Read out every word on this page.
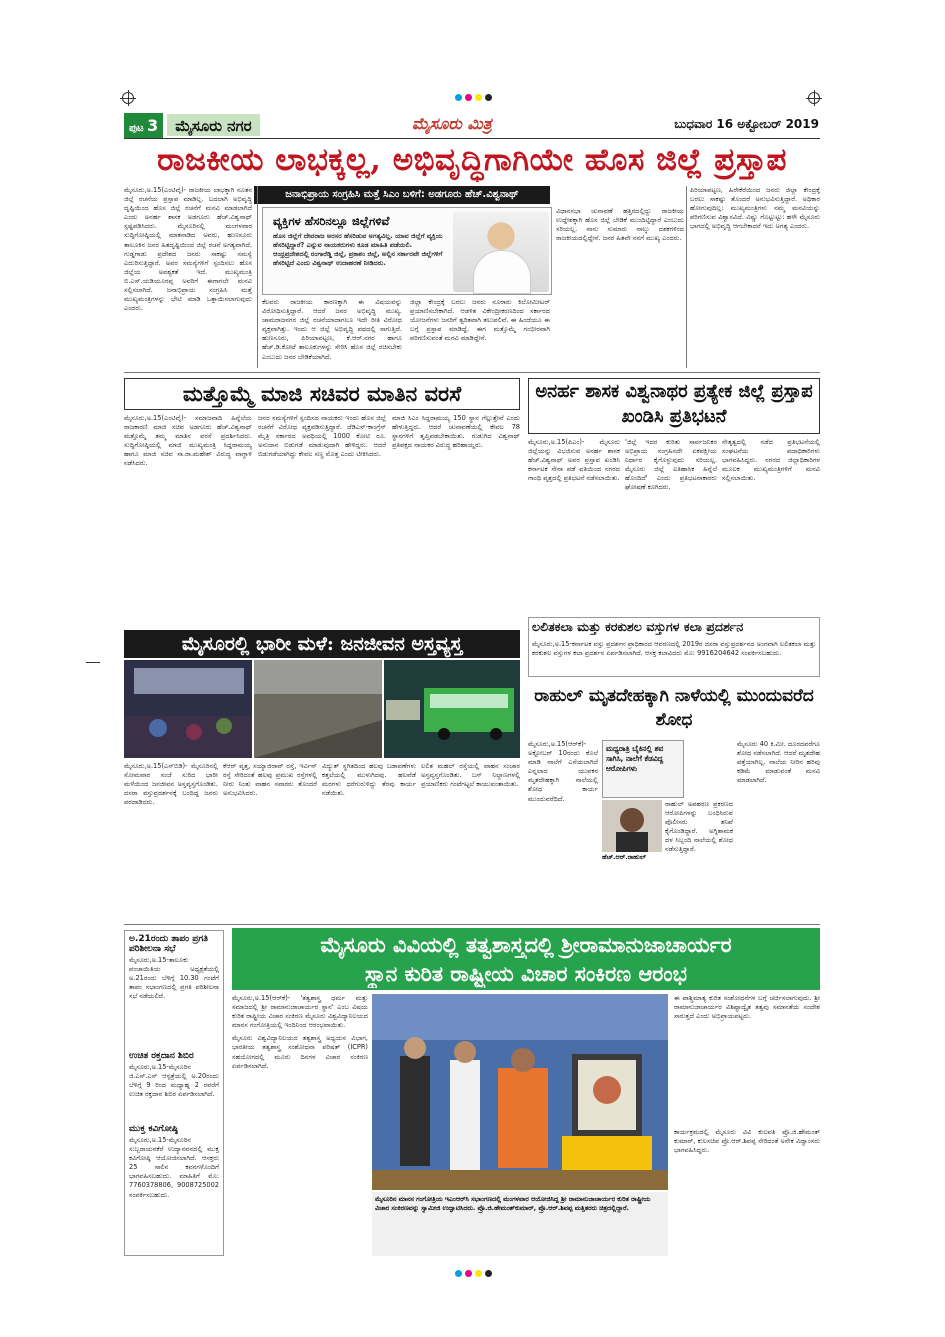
ಪುಟ 3	ಮೈಸೂರು ನಗರ	ಮೈಸೂರು ಮಿತ್ರ	ಬುಧವಾರ 16 ಅಕ್ಟೋಬರ್ 2019
ರಾಜಕೀಯ ಲಾಭಕ್ಕಲ್ಲ, ಅಭಿವೃದ್ಧಿಗಾಗಿಯೇ ಹೊಸ ಜಿಲ್ಲೆ ಪ್ರಸ್ತಾಪ
ಮೈಸೂರು,ಅ.15(ಎಂಟಿವೈ)- ರಾಜಕೀಯ ಲಾಭಕ್ಕಾಗಿ ನೂತನ ಜಿಲ್ಲೆ ರಚನೆಯ ಪ್ರಸ್ತಾಪ ಮಾಡಿಲ್ಲ. ಬದಲಾಗಿ ಅಭಿವೃದ್ಧಿ ದೃಷ್ಟಿಯಿಂದ ಹೊಸ ಜಿಲ್ಲೆ ರಚನೆಗೆ ಮನವಿ ಮಾಡಲಾಗಿದೆ ಎಂದು ಅನರ್ಹ ಶಾಸಕ ಅಡಗೂರು ಹೆಚ್.ವಿಶ್ವನಾಥ್ ಸ್ಪಷ್ಟಪಡಿಸಿದರು. ಮೈಸೂರಿನಲ್ಲಿ ಮಂಗಳವಾರ ಸುದ್ದಿಗೋಷ್ಠಿಯಲ್ಲಿ ಮಾತನಾಡಿದ ಅವರು, ಹುಣಸೂರು ತಾಲೂಕಿನ ಜನರ ಹಿತದೃಷ್ಟಿಯಿಂದ ಜಿಲ್ಲೆ ರಚನೆ ಅಗತ್ಯವಾಗಿದೆ. ಗುಡ್ಡಗಾಡು ಪ್ರದೇಶದ ಜನರು ಸಾಕಷ್ಟು ಸಮಸ್ಯೆ ಎದುರಿಸುತ್ತಿದ್ದಾರೆ. ಅವರ ಸಮಸ್ಯೆಗಳಿಗೆ ಸ್ಪಂದಿಸಲು ಹೊಸ ಜಿಲ್ಲೆಯ ಅವಶ್ಯಕತೆ ಇದೆ. ಮುಖ್ಯಮಂತ್ರಿ ಬಿ.ಎಸ್.ಯಡಿಯೂರಪ್ಪ ಅವರಿಗೆ ಈಗಾಗಲೇ ಮನವಿ ಸಲ್ಲಿಸಲಾಗಿದೆ. ಜನಾಭಿಪ್ರಾಯ ಸಂಗ್ರಹಿಸಿ ಮತ್ತೆ ಮುಖ್ಯಮಂತ್ರಿಗಳನ್ನು ಭೇಟಿ ಮಾಡಿ ಒತ್ತಾಯಿಸಲಾಗುವುದು ಎಂದರು.
ಜನಾಭಿಪ್ರಾಯ ಸಂಗ್ರಹಿಸಿ ಮತ್ತೆ ಸಿಎಂ ಬಳಿಗೆ: ಅಡಗೂರು ಹೆಚ್.ವಿಶ್ವನಾಥ್
ವ್ಯಕ್ತಿಗಳ ಹೆಸರಿನಲ್ಲೂ ಜಿಲ್ಲೆಗಳಿವೆ
ಹೊಸ ಜಿಲ್ಲೆಗೆ ದೇವರಾಜ ಅರಸರ ಹೆಸರಿಡುವ ಅಗತ್ಯವಿಲ್ಲ. ಯಾವ ಜಿಲ್ಲೆಗೆ ವ್ಯಕ್ತಿಯ ಹೆಸರಿಟ್ಟಿದ್ದಾರೆ? ಎನ್ನುವ ನಾಯಕರುಗಳು ಕೂಡ ಮಾಹಿತಿ ಪಡೆಯಲಿ. ಆಂಧ್ರಪ್ರದೇಶದಲ್ಲಿ ರಂಗಾರೆಡ್ಡಿ ಜಿಲ್ಲೆ, ಪ್ರಕಾಶಂ ಜಿಲ್ಲೆ, ಅಲ್ಲಿನ ಸರ್ಕಾರವೇ ಜಿಲ್ಲೆಗಳಿಗೆ ಹೆಸರಿಟ್ಟಿದೆ ಎಂದು ವಿಶ್ವನಾಥ್ ಉದಾಹರಣೆ ನೀಡಿದರು.
ಕೆಲವರು ರಾಜಕೀಯ ಕಾರಣಕ್ಕಾಗಿ ಈ ವಿಷಯವನ್ನು ವಿರೋಧಿಸುತ್ತಿದ್ದಾರೆ. ಆದರೆ ಜನರ ಅಭಿವೃದ್ಧಿ ಮುಖ್ಯ. ಚಾಮರಾಜನಗರ ಜಿಲ್ಲೆ ರಚನೆಯಾದಾಗಲೂ ಇದೇ ರೀತಿ ವಿರೋಧ ವ್ಯಕ್ತವಾಗಿತ್ತು. ಇಂದು ಆ ಜಿಲ್ಲೆ ಅಭಿವೃದ್ಧಿ ಪಥದಲ್ಲಿ ಸಾಗುತ್ತಿದೆ. ಹುಣಸೂರು, ಪಿರಿಯಾಪಟ್ಟಣ, ಕೆ.ಆರ್.ನಗರ ಹಾಗೂ ಹೆಚ್.ಡಿ.ಕೋಟೆ ತಾಲೂಕುಗಳನ್ನು ಸೇರಿಸಿ ಹೊಸ ಜಿಲ್ಲೆ ರಚಿಸಬೇಕು ಎಂಬುದು ಜನರ ಬೇಡಿಕೆಯಾಗಿದೆ.
ಜಿಲ್ಲಾ ಕೇಂದ್ರಕ್ಕೆ ಬರಲು ಜನರು ನೂರಾರು ಕಿಲೋಮೀಟರ್ ಪ್ರಯಾಣಿಸಬೇಕಾಗಿದೆ. ಆಡಳಿತ ವಿಕೇಂದ್ರೀಕರಣದಿಂದ ಸರ್ಕಾರದ ಯೋಜನೆಗಳು ಜನರಿಗೆ ತ್ವರಿತವಾಗಿ ತಲುಪಲಿವೆ. ಈ ಹಿಂದೆಯೂ ಈ ಬಗ್ಗೆ ಪ್ರಸ್ತಾಪ ಮಾಡಿದ್ದೆ. ಈಗ ಮತ್ತೊಮ್ಮೆ ಗಂಭೀರವಾಗಿ ಪರಿಗಣಿಸುವಂತೆ ಮನವಿ ಮಾಡಿದ್ದೇನೆ.
ವಿಧಾನಸಭಾ ಚುನಾವಣೆ ಹತ್ತಿರದಲ್ಲಿದ್ದು ರಾಜಕೀಯ ಉದ್ದೇಶಕ್ಕಾಗಿ ಹೊಸ ಜಿಲ್ಲೆ ಬೇಡಿಕೆ ಮುಂದಿಟ್ಟಿದ್ದಾರೆ ಎಂಬುದು ಸರಿಯಲ್ಲ. ನಾನು ಸುಮಾರು ನಾಲ್ಕು ದಶಕಗಳಿಂದ ರಾಜಕೀಯದಲ್ಲಿದ್ದೇನೆ. ಜನರ ಹಿತವೇ ನನಗೆ ಮುಖ್ಯ ಎಂದರು.
ಪಿರಿಯಾಪಟ್ಟಣ, ಹಿರೇಕೆರೆಯಿಂದ ಜನರು ಜಿಲ್ಲಾ ಕೇಂದ್ರಕ್ಕೆ ಬರಲು ಸಾಕಷ್ಟು ತೊಂದರೆ ಅನುಭವಿಸುತ್ತಿದ್ದಾರೆ. ಅಧಿಕಾರ ಹೋಗುವುದಿಲ್ಲ: ಮುಖ್ಯಮಂತ್ರಿಗಳು ನಮ್ಮ ಮನವಿಯನ್ನು ಪರಿಗಣಿಸುವ ವಿಶ್ವಾಸವಿದೆ. ವಿಷ್ಣು ಗೊಟ್ಟುಟ್ಟು: ಹಳೇ ಮೈಸೂರು ಭಾಗದಲ್ಲಿ ಅಭಿವೃದ್ಧಿ ಆಗಬೇಕಾದರೆ ಇದು ಅಗತ್ಯ ಎಂದರು.
ಮತ್ತೊಮ್ಮೆ ಮಾಜಿ ಸಚಿವರ ಮಾತಿನ ವರಸೆ
ಮೈಸೂರು,ಅ.15(ಎಂಟಿವೈ)- ಸಮಾಜವಾದಿ ಹಿನ್ನೆಲೆಯ ರಾಜಕಾರಣಿ ಮಾಜಿ ಸಚಿವ ಅಡಗೂರು ಹೆಚ್.ವಿಶ್ವನಾಥ್ ಮತ್ತೊಮ್ಮೆ ತಮ್ಮ ಮಾತಿನ ವರಸೆ ಪ್ರದರ್ಶಿಸಿದರು. ಸುದ್ದಿಗೋಷ್ಠಿಯಲ್ಲಿ ಮಾಜಿ ಮುಖ್ಯಮಂತ್ರಿ ಸಿದ್ದರಾಮಯ್ಯ ಹಾಗೂ ಮಾಜಿ ಸಚಿವ ಸಾ.ರಾ.ಮಹೇಶ್ ವಿರುದ್ಧ ವಾಗ್ದಾಳಿ ನಡೆಸಿದರು.
ಜನರ ಸಮಸ್ಯೆಗಳಿಗೆ ಸ್ಪಂದಿಸದ ನಾಯಕರು ಇಂದು ಹೊಸ ಜಿಲ್ಲೆ ರಚನೆಗೆ ವಿರೋಧ ವ್ಯಕ್ತಪಡಿಸುತ್ತಿದ್ದಾರೆ. ಜೆಡಿಎಸ್-ಕಾಂಗ್ರೆಸ್ ಮೈತ್ರಿ ಸರ್ಕಾರದ ಅವಧಿಯಲ್ಲಿ 1000 ಕೋಟಿ ರೂ. ಅನುದಾನ ಬಿಡುಗಡೆ ಮಾಡುವುದಾಗಿ ಹೇಳಿದ್ದರು. ಆದರೆ ಬಿಡುಗಡೆಯಾಗಿದ್ದು ಕೇವಲ ಸಣ್ಣ ಮೊತ್ತ ಎಂದು ಟೀಕಿಸಿದರು.
ಮಾಜಿ ಸಿಎಂ ಸಿದ್ದರಾಮಯ್ಯ 150 ಸ್ಥಾನ ಗೆಲ್ಲುತ್ತೇವೆ ಎಂದು ಹೇಳುತ್ತಿದ್ದರು. ಆದರೆ ಚುನಾವಣೆಯಲ್ಲಿ ಕೇವಲ 78 ಸ್ಥಾನಗಳಿಗೆ ತೃಪ್ತಿಪಡಬೇಕಾಯಿತು. ಗುಡುಗಿದ ವಿಶ್ವನಾಥ್ ಪ್ರತಿಪಕ್ಷದ ನಾಯಕರ ವಿರುದ್ಧ ಹರಿಹಾಯ್ದರು.
ಅನರ್ಹ ಶಾಸಕ ವಿಶ್ವನಾಥರ ಪ್ರತ್ಯೇಕ ಜಿಲ್ಲೆ ಪ್ರಸ್ತಾಪ ಖಂಡಿಸಿ ಪ್ರತಿಭಟನೆ
ಮೈಸೂರು,ಅ.15(ಪಿಎಂ)- ಮೈಸೂರು ಜಿಲ್ಲೆಯನ್ನು ವಿಭಜಿಸುವ ಅನರ್ಹ ಶಾಸಕ ಹೆಚ್.ವಿಶ್ವನಾಥ್ ಅವರ ಪ್ರಸ್ತಾಪ ಖಂಡಿಸಿ ಕರ್ನಾಟಕ ಸೇನಾ ಪಡೆ ವತಿಯಿಂದ ನಗರದ ಗಾಂಧಿ ವೃತ್ತದಲ್ಲಿ ಪ್ರತಿಭಟನೆ ನಡೆಸಲಾಯಿತು.
'ಜಿಲ್ಲೆ ಇದರ ಕುರಿತು ಸಾರ್ವಜನಿಕರ ಅಭಿಪ್ರಾಯ ಸಂಗ್ರಹಿಸದೇ ಏಕಪಕ್ಷೀಯ ನಿರ್ಧಾರ ಕೈಗೊಳ್ಳುವುದು ಸರಿಯಲ್ಲ. ಮೈಸೂರು ಜಿಲ್ಲೆ ಐತಿಹಾಸಿಕ ಹಿನ್ನೆಲೆ ಹೊಂದಿದೆ' ಎಂದು ಪ್ರತಿಭಟನಾಕಾರರು ಘೋಷಣೆ ಕೂಗಿದರು.
ನೇತೃತ್ವದಲ್ಲಿ ನಡೆದ ಪ್ರತಿಭಟನೆಯಲ್ಲಿ ಸಂಘಟನೆಯ ಪದಾಧಿಕಾರಿಗಳು ಭಾಗವಹಿಸಿದ್ದರು. ನಗರದ ಜಿಲ್ಲಾಧಿಕಾರಿಗಳ ಮೂಲಕ ಮುಖ್ಯಮಂತ್ರಿಗಳಿಗೆ ಮನವಿ ಸಲ್ಲಿಸಲಾಯಿತು.
ಲಲಿತಕಲಾ ಮತ್ತು ಕರಕುಶಲ ವಸ್ತುಗಳ ಕಲಾ ಪ್ರದರ್ಶನ
ಮೈಸೂರು,ಅ.15-ಕರ್ನಾಟಕ ವಸ್ತು ಪ್ರದರ್ಶನ ಪ್ರಾಧಿಕಾರದ ಆವರಣದಲ್ಲಿ 2019ರ ದಸರಾ ವಸ್ತುಪ್ರದರ್ಶನದ ಅಂಗವಾಗಿ ಲಲಿತಕಲಾ ಮತ್ತು ಕರಕುಶಲ ವಸ್ತುಗಳ ಕಲಾ ಪ್ರದರ್ಶನ ಏರ್ಪಡಿಸಲಾಗಿದೆ. ಆಸಕ್ತ ಕಲಾವಿದರು ಮೊ: 9916204642 ಸಂಪರ್ಕಿಸಬಹುದು.
ಮೈಸೂರಲ್ಲಿ ಭಾರೀ ಮಳೆ: ಜನಜೀವನ ಅಸ್ತವ್ಯಸ್ತ
ಮೈಸೂರು,ಅ.15(ಎಸ್‌ಬಿಡಿ)- ಮೈಸೂರಿನಲ್ಲಿ ಸೋಮವಾರ ಸಂಜೆ ಸುರಿದ ಭಾರೀ ಮಳೆಯಿಂದ ಜನಜೀವನ ಅಸ್ತವ್ಯಸ್ತಗೊಂಡಿತು. ದಸರಾ ವಸ್ತುಪ್ರದರ್ಶನಕ್ಕೆ ಬಂದಿದ್ದ ಜನರು ಪರದಾಡಿದರು.
ಕೆಆರ್ ವೃತ್ತ, ಸಯ್ಯಾಜಿರಾವ್ ರಸ್ತೆ, ಇರ್ವಿನ್ ರಸ್ತೆ ಸೇರಿದಂತೆ ಹಲವು ಪ್ರಮುಖ ರಸ್ತೆಗಳಲ್ಲಿ ನೀರು ನಿಂತು ವಾಹನ ಸವಾರರು ತೊಂದರೆ ಅನುಭವಿಸಿದರು.
ವಿದ್ಯುತ್ ಸ್ಥಗಿತದಿಂದ ಹಲವು ಬಡಾವಣೆಗಳು ಕತ್ತಲೆಯಲ್ಲಿ ಮುಳುಗಿದವು. ಹಲವೆಡೆ ಮರಗಳು ಧರೆಗುರುಳಿದ್ದು ತೆರವು ಕಾರ್ಯ ನಡೆಯಿತು.
ಲಲಿತ ಮಹಲ್ ರಸ್ತೆಯಲ್ಲಿ ವಾಹನ ಸಂಚಾರ ಅಸ್ತವ್ಯಸ್ತಗೊಂಡಿತು. ಬಸ್ ನಿಲ್ದಾಣಗಳಲ್ಲಿ ಪ್ರಯಾಣಿಕರು ಗಂಟೆಗಟ್ಟಲೆ ಕಾಯುವಂತಾಯಿತು.
ರಾಹುಲ್ ಮೃತದೇಹಕ್ಕಾಗಿ ನಾಳೆಯಲ್ಲಿ ಮುಂದುವರೆದ ಶೋಧ
ಮೈಸೂರು,ಅ.15(ಆರ್‌ಕೆ)- ಅಕ್ಟೋಬರ್ 10ರಂದು ಕೊಲೆ ಮಾಡಿ ನಾಲೆಗೆ ಎಸೆಯಲಾಗಿದೆ ಎನ್ನಲಾದ ಯುವಕನ ಮೃತದೇಹಕ್ಕಾಗಿ ನಾಲೆಯಲ್ಲಿ ಶೋಧ ಕಾರ್ಯ ಮುಂದುವರೆದಿದೆ.
ಮಧ್ಯರಾತ್ರಿ ಬೈಕಿನಲ್ಲಿ ಶವ ಸಾಗಿಸಿ, ನಾಲೆಗೆ ಕೆಡವಿದ್ದ ಆರೋಪಿಗಳು
ಹೆಚ್.ಆರ್.ರಾಹುಲ್
ರಾಹುಲ್ ಅಪಹರಣ ಪ್ರಕರಣದ ಆರೋಪಿಗಳನ್ನು ಬಂಧಿಸಿರುವ ಪೊಲೀಸರು ತನಿಖೆ ಕೈಗೊಂಡಿದ್ದಾರೆ. ಅಗ್ನಿಶಾಮಕ ದಳ ಸಿಬ್ಬಂದಿ ನಾಲೆಯಲ್ಲಿ ಶೋಧ ನಡೆಸುತ್ತಿದ್ದಾರೆ.
ಮೈಸೂರು 40 ಕಿ.ಮೀ. ದೂರದವರೆಗೂ ಶೋಧ ನಡೆಸಲಾಗಿದೆ. ಆದರೆ ಮೃತದೇಹ ಪತ್ತೆಯಾಗಿಲ್ಲ. ನಾಲೆಯ ನೀರಿನ ಹರಿವು ಕಡಿಮೆ ಮಾಡುವಂತೆ ಮನವಿ ಮಾಡಲಾಗಿದೆ.
ಅ.21ರಂದು ತಾಪಂ ಪ್ರಗತಿ ಪರಿಶೀಲನಾ ಸಭೆ
ಮೈಸೂರು,ಅ.15-ತಾಲೂಕು ಪಂಚಾಯಿತಿಯ ಅಧ್ಯಕ್ಷತೆಯಲ್ಲಿ ಅ.21ರಂದು ಬೆಳಿಗ್ಗೆ 10.30 ಗಂಟೆಗೆ ತಾಪಂ ಸಭಾಂಗಣದಲ್ಲಿ ಪ್ರಗತಿ ಪರಿಶೀಲನಾ ಸಭೆ ನಡೆಯಲಿದೆ.
ಉಚಿತ ರಕ್ತದಾನ ಶಿಬಿರ
ಮೈಸೂರು,ಅ.15-ಮೈಸೂರಿನ ಜಿ.ಎಸ್.ಎಸ್ ಆಸ್ಪತ್ರೆಯಲ್ಲಿ ಅ.20ರಂದು ಬೆಳಿಗ್ಗೆ 9 ರಿಂದ ಮಧ್ಯಾಹ್ನ 2 ರವರೆಗೆ ಉಚಿತ ರಕ್ತದಾನ ಶಿಬಿರ ಏರ್ಪಡಿಸಲಾಗಿದೆ.
ಮುಕ್ತ ಕವಿಗೋಷ್ಠಿ
ಮೈಸೂರು,ಅ.15-ಮೈಸೂರಿನ ಸುಬ್ಬರಾಯನಕೆರೆ ಉದ್ಯಾನವನದಲ್ಲಿ ಮುಕ್ತ ಕವಿಗೋಷ್ಠಿ ಆಯೋಜಿಸಲಾಗಿದೆ. ಆಸಕ್ತರು 25 ಸಾಲಿನ ಕವನಗಳೊಂದಿಗೆ ಭಾಗವಹಿಸಬಹುದು. ಮಾಹಿತಿಗೆ ಮೊ: 7760378806, 9008725002 ಸಂಪರ್ಕಿಸಬಹುದು.
ಮೈಸೂರು ವಿವಿಯಲ್ಲಿ ತತ್ವಶಾಸ್ತ್ರದಲ್ಲಿ ಶ್ರೀರಾಮಾನುಜಾಚಾರ್ಯರ
ಸ್ಥಾನ ಕುರಿತ ರಾಷ್ಟ್ರೀಯ ವಿಚಾರ ಸಂಕಿರಣ ಆರಂಭ
ಮೈಸೂರು,ಅ.15(ಆರ್‌ಕೆ)- 'ತತ್ವಶಾಸ್ತ್ರ ಧರ್ಮ ಮತ್ತು ಸಮಾಜದಲ್ಲಿ ಶ್ರೀ ರಾಮಾನುಜಾಚಾರ್ಯರ ಸ್ಥಾನ' ಎಂಬ ವಿಷಯ ಕುರಿತ ರಾಷ್ಟ್ರೀಯ ವಿಚಾರ ಸಂಕಿರಣ ಮೈಸೂರು ವಿಶ್ವವಿದ್ಯಾನಿಲಯದ ಮಾನಸ ಗಂಗೋತ್ರಿಯಲ್ಲಿ ಇಂದಿನಿಂದ ಆರಂಭವಾಯಿತು.

ಮೈಸೂರು ವಿಶ್ವವಿದ್ಯಾನಿಲಯದ ತತ್ವಶಾಸ್ತ್ರ ಅಧ್ಯಯನ ವಿಭಾಗ, ಭಾರತೀಯ ತತ್ವಶಾಸ್ತ್ರ ಸಂಶೋಧನಾ ಪರಿಷತ್ (ICPR) ಸಹಯೋಗದಲ್ಲಿ ಮೂರು ದಿನಗಳ ವಿಚಾರ ಸಂಕಿರಣ ಏರ್ಪಡಿಸಲಾಗಿದೆ.
ಮೈಸೂರಿನ ಮಾನಸ ಗಂಗೋತ್ರಿಯ ಇಎಂಆರ್‌ಸಿ ಸಭಾಂಗಣದಲ್ಲಿ ಮಂಗಳವಾರ ಆಯೋಜಿಸಿದ್ದ ಶ್ರೀ ರಾಮಾನುಜಾಚಾರ್ಯರ ಕುರಿತ ರಾಷ್ಟ್ರೀಯ ವಿಚಾರ ಸಂಕಿರಣವನ್ನು ಸ್ವಾಮೀಜಿ ಉದ್ಘಾಟಿಸಿದರು. ಪ್ರೊ.ಜಿ.ಹೇಮಂತ್‌ಕುಮಾರ್, ಪ್ರೊ.ಆರ್.ಶಿವಪ್ಪ ಮತ್ತಿತರರು ಚಿತ್ರದಲ್ಲಿದ್ದಾರೆ.
ಈ ಪಾಶ್ಚಿಮಾತ್ಯ ಕುರಿತ ಸಂಶೋಧನೆಗಳ ಬಗ್ಗೆ ಚರ್ಚಿಸಲಾಗುವುದು. ಶ್ರೀ ರಾಮಾನುಜಾಚಾರ್ಯರ ವಿಶಿಷ್ಟಾದ್ವೈತ ತತ್ವವು ಸಮಾನತೆಯ ಸಂದೇಶ ಸಾರುತ್ತದೆ ಎಂದು ಅಭಿಪ್ರಾಯಪಟ್ಟರು.
ಕಾರ್ಯಕ್ರಮದಲ್ಲಿ ಮೈಸೂರು ವಿವಿ ಕುಲಪತಿ ಪ್ರೊ.ಜಿ.ಹೇಮಂತ್ ಕುಮಾರ್, ಕುಲಸಚಿವ ಪ್ರೊ.ಆರ್.ಶಿವಪ್ಪ ಸೇರಿದಂತೆ ಅನೇಕ ವಿದ್ವಾಂಸರು ಭಾಗವಹಿಸಿದ್ದರು.
